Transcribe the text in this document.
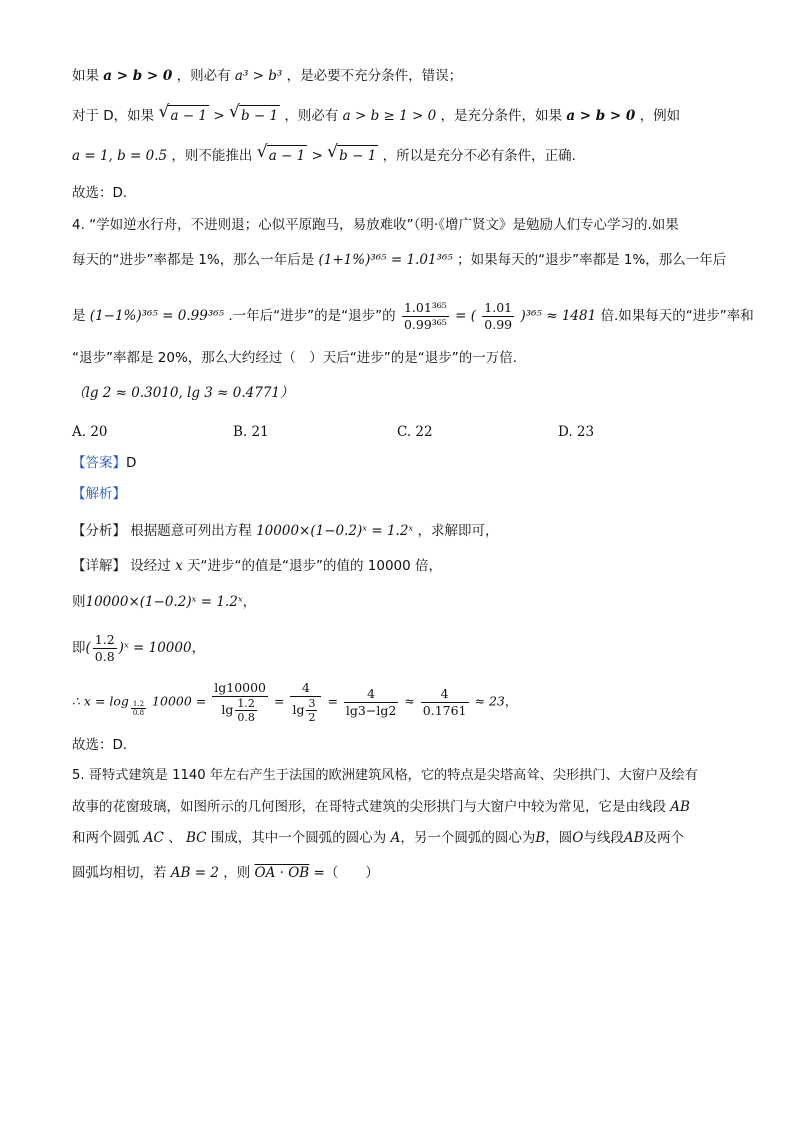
如果 a > b > 0 ，则必有 a³ > b³ ，是必要不充分条件，错误；
对于 D，如果 √ a − 1 > √ b − 1 ，则必有 a > b ≥ 1 > 0 ，是充分条件，如果 a > b > 0 ，例如
a = 1, b = 0.5 ，则不能推出 √ a − 1 > √ b − 1 ，所以是充分不必有条件，正确.
故选：D.
4. “学如逆水行舟，不进则退；心似平原跑马，易放难收”（明·《增广贤文》是勉励人们专心学习的.如果
每天的“进步”率都是 1%，那么一年后是 (1+1%)³⁶⁵ = 1.01³⁶⁵ ；如果每天的“退步”率都是 1%，那么一年后
是 (1−1%)³⁶⁵ = 0.99³⁶⁵ .一年后“进步”的是“退步”的 $\frac{\text{1.01³⁶⁵}}{\text{0.99³⁶⁵}}$ = ( $\frac{1.01}{0.99} )^{365} \approx 1481$ 倍.如果每天的“进步”率和
“退步”率都是 20%，那么大约经过（　）天后“进步”的是“退步”的一万倍.
（lg 2 ≈ 0.3010, lg 3 ≈ 0.4771）
A. 20	B. 21	C. 22	D. 23
【答案】D
【解析】
【分析】 根据题意可列出方程 10000×(1−0.2)ˣ = 1.2ˣ ，求解即可，
【详解】 设经过 x 天“进步“的值是“退步”的值的 10000 倍，
则10000×(1−0.2)ˣ = 1.2ˣ，
即( $\frac{1.2}{0.8}$ )ˣ = 10000，
∴ $x = \log \frac{1.2}{0.8} 10000 = \frac{\lg 10000}{\lg \frac{1.2}{0.8}} = \frac{4}{\lg \frac{3}{2}} = \frac{4}{\lg 3-\lg 2} \approx \frac{4}{0.1761} \approx 23$，
故选：D．
5. 哥特式建筑是 1140 年左右产生于法国的欧洲建筑风格，它的特点是尖塔高耸、尖形拱门、大窗户及绘有
故事的花窗玻璃，如图所示的几何图形，在哥特式建筑的尖形拱门与大窗户中较为常见，它是由线段 AB
和两个圆弧 AC 、 BC 围成，其中一个圆弧的圆心为 A，另一个圆弧的圆心为B，圆O与线段AB及两个
圆弧均相切，若 AB = 2 ，则 OA · OB =（　　）
